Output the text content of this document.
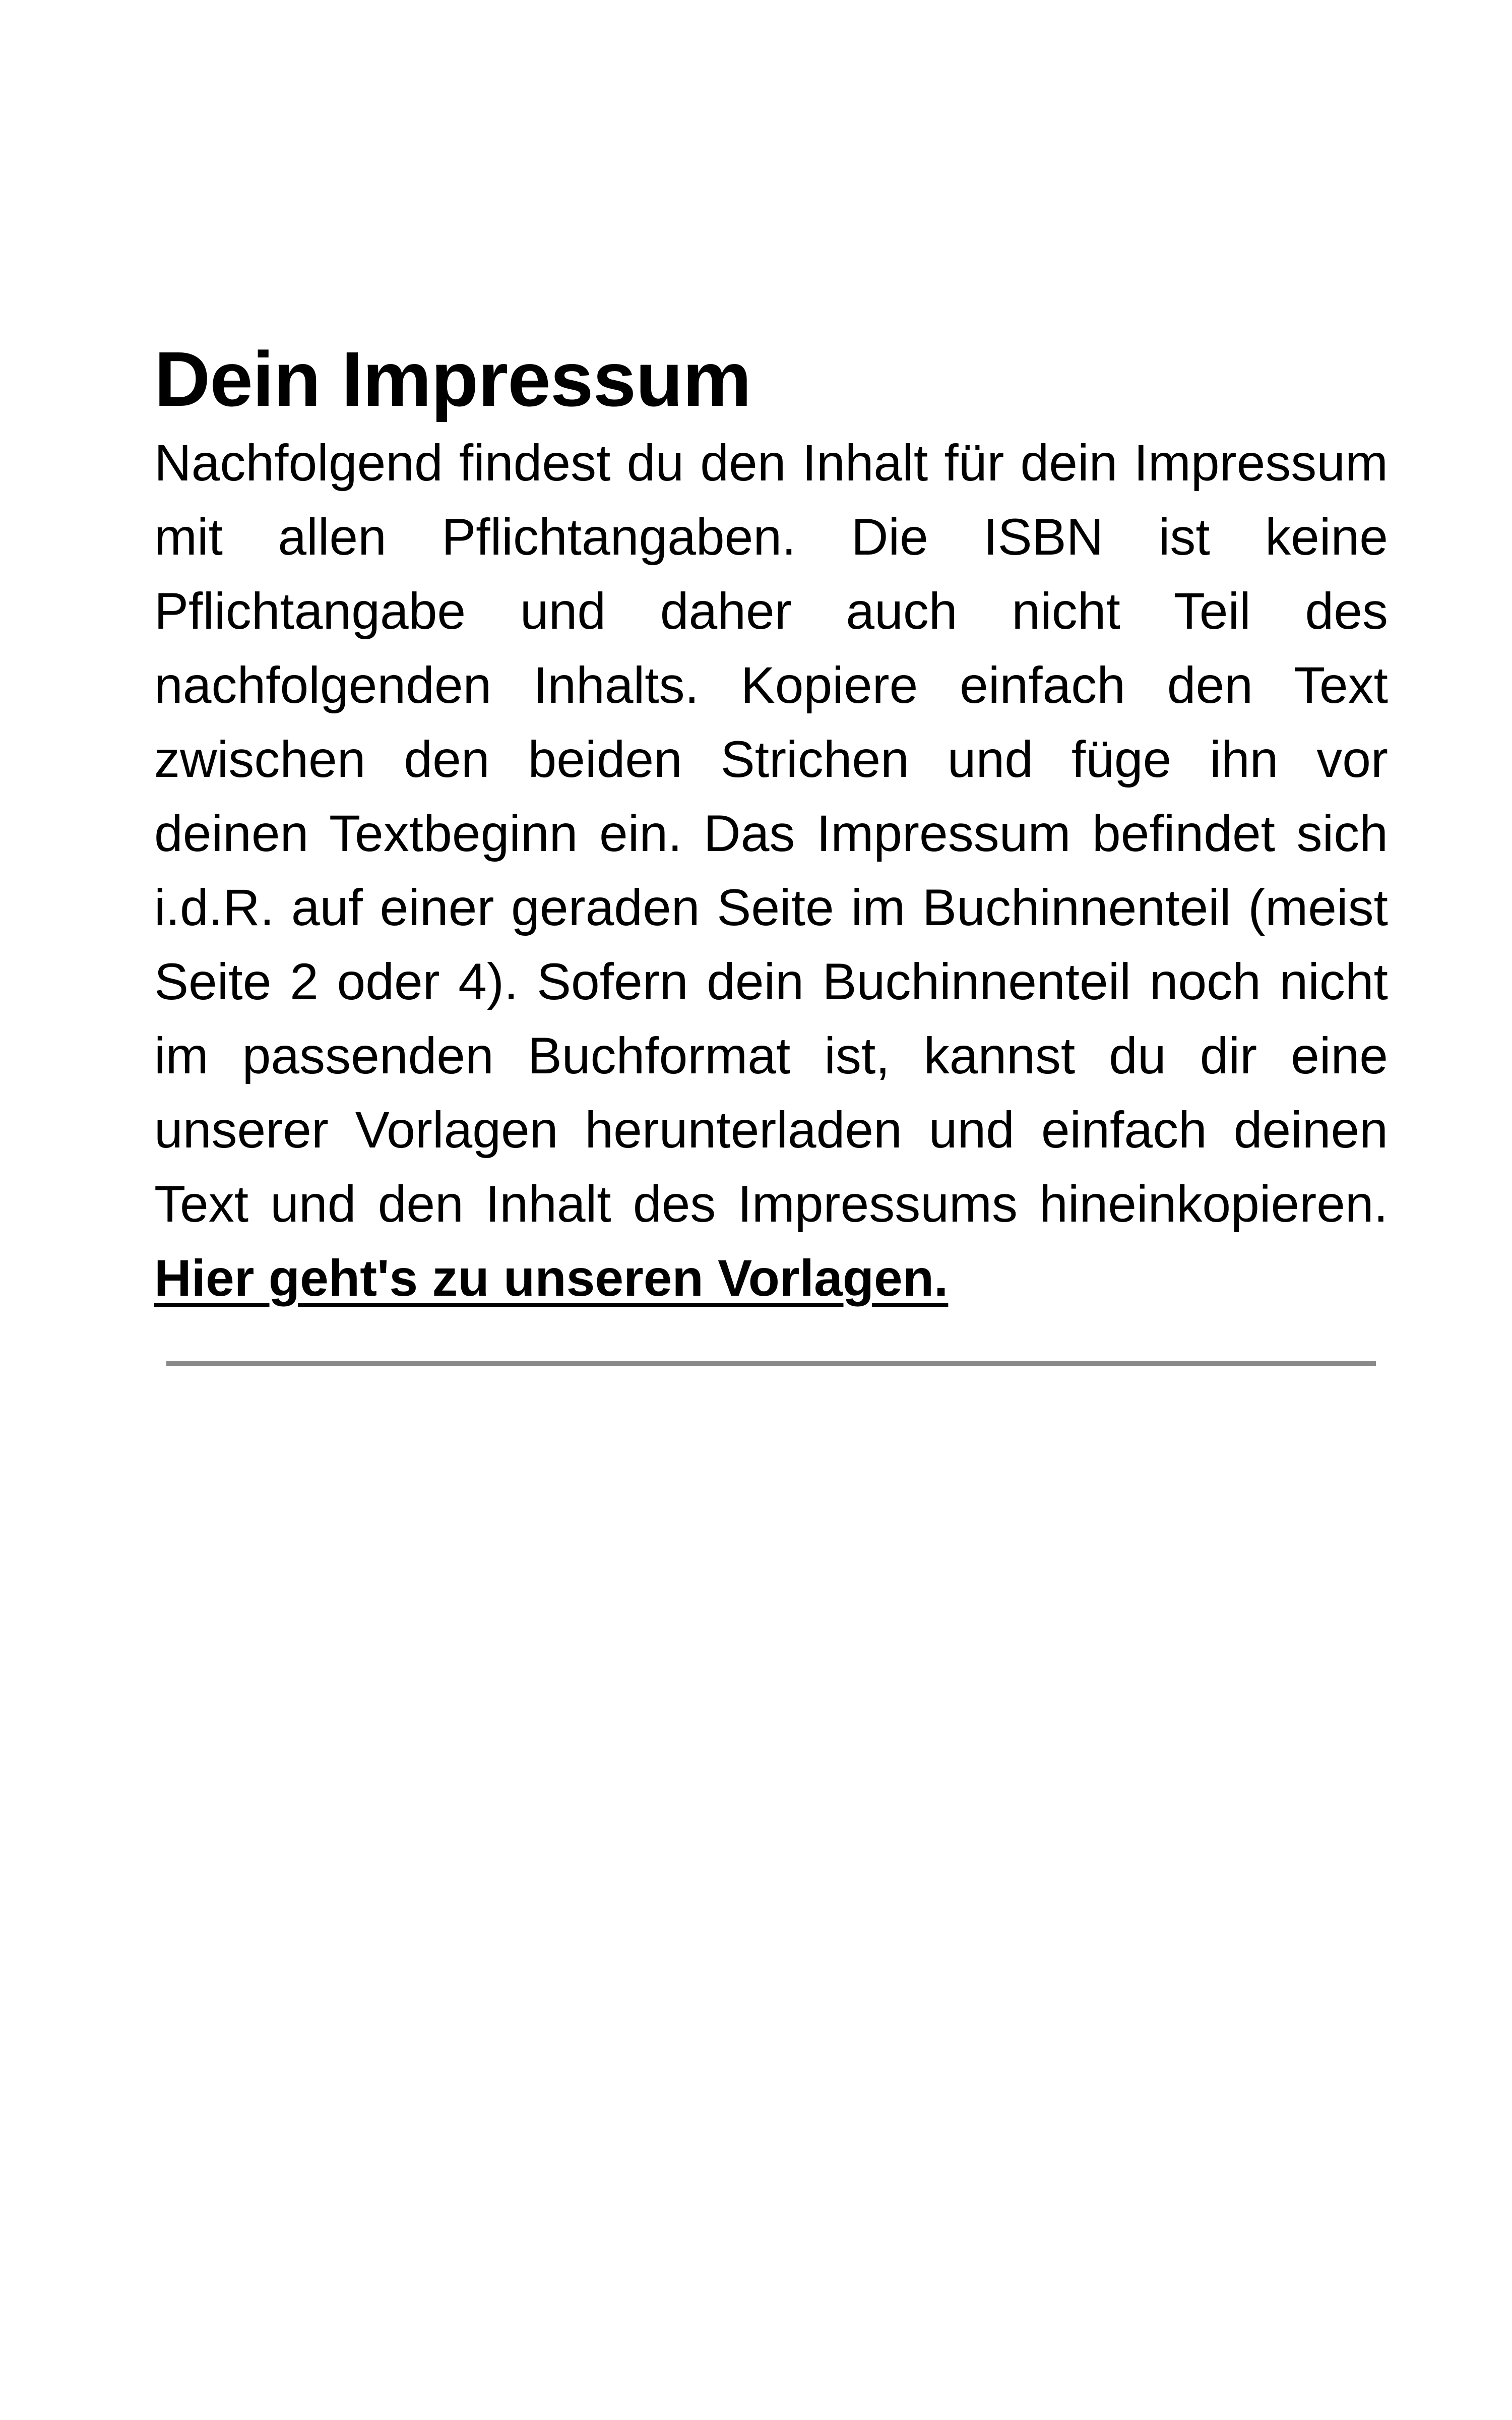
Dein Impressum

Nachfolgend findest du den Inhalt für dein Impressum mit allen Pflichtangaben. Die ISBN ist keine Pflichtangabe und daher auch nicht Teil des nachfolgenden Inhalts. Kopiere einfach den Text zwischen den beiden Strichen und füge ihn vor deinen Textbeginn ein. Das Impressum befindet sich i.d.R. auf einer geraden Seite im Buchinnenteil (meist Seite 2 oder 4). Sofern dein Buchinnenteil noch nicht im passenden Buchformat ist, kannst du dir eine unserer Vorlagen herunterladen und einfach deinen Text und den Inhalt des Impressums hineinkopieren. Hier geht's zu unseren Vorlagen.
